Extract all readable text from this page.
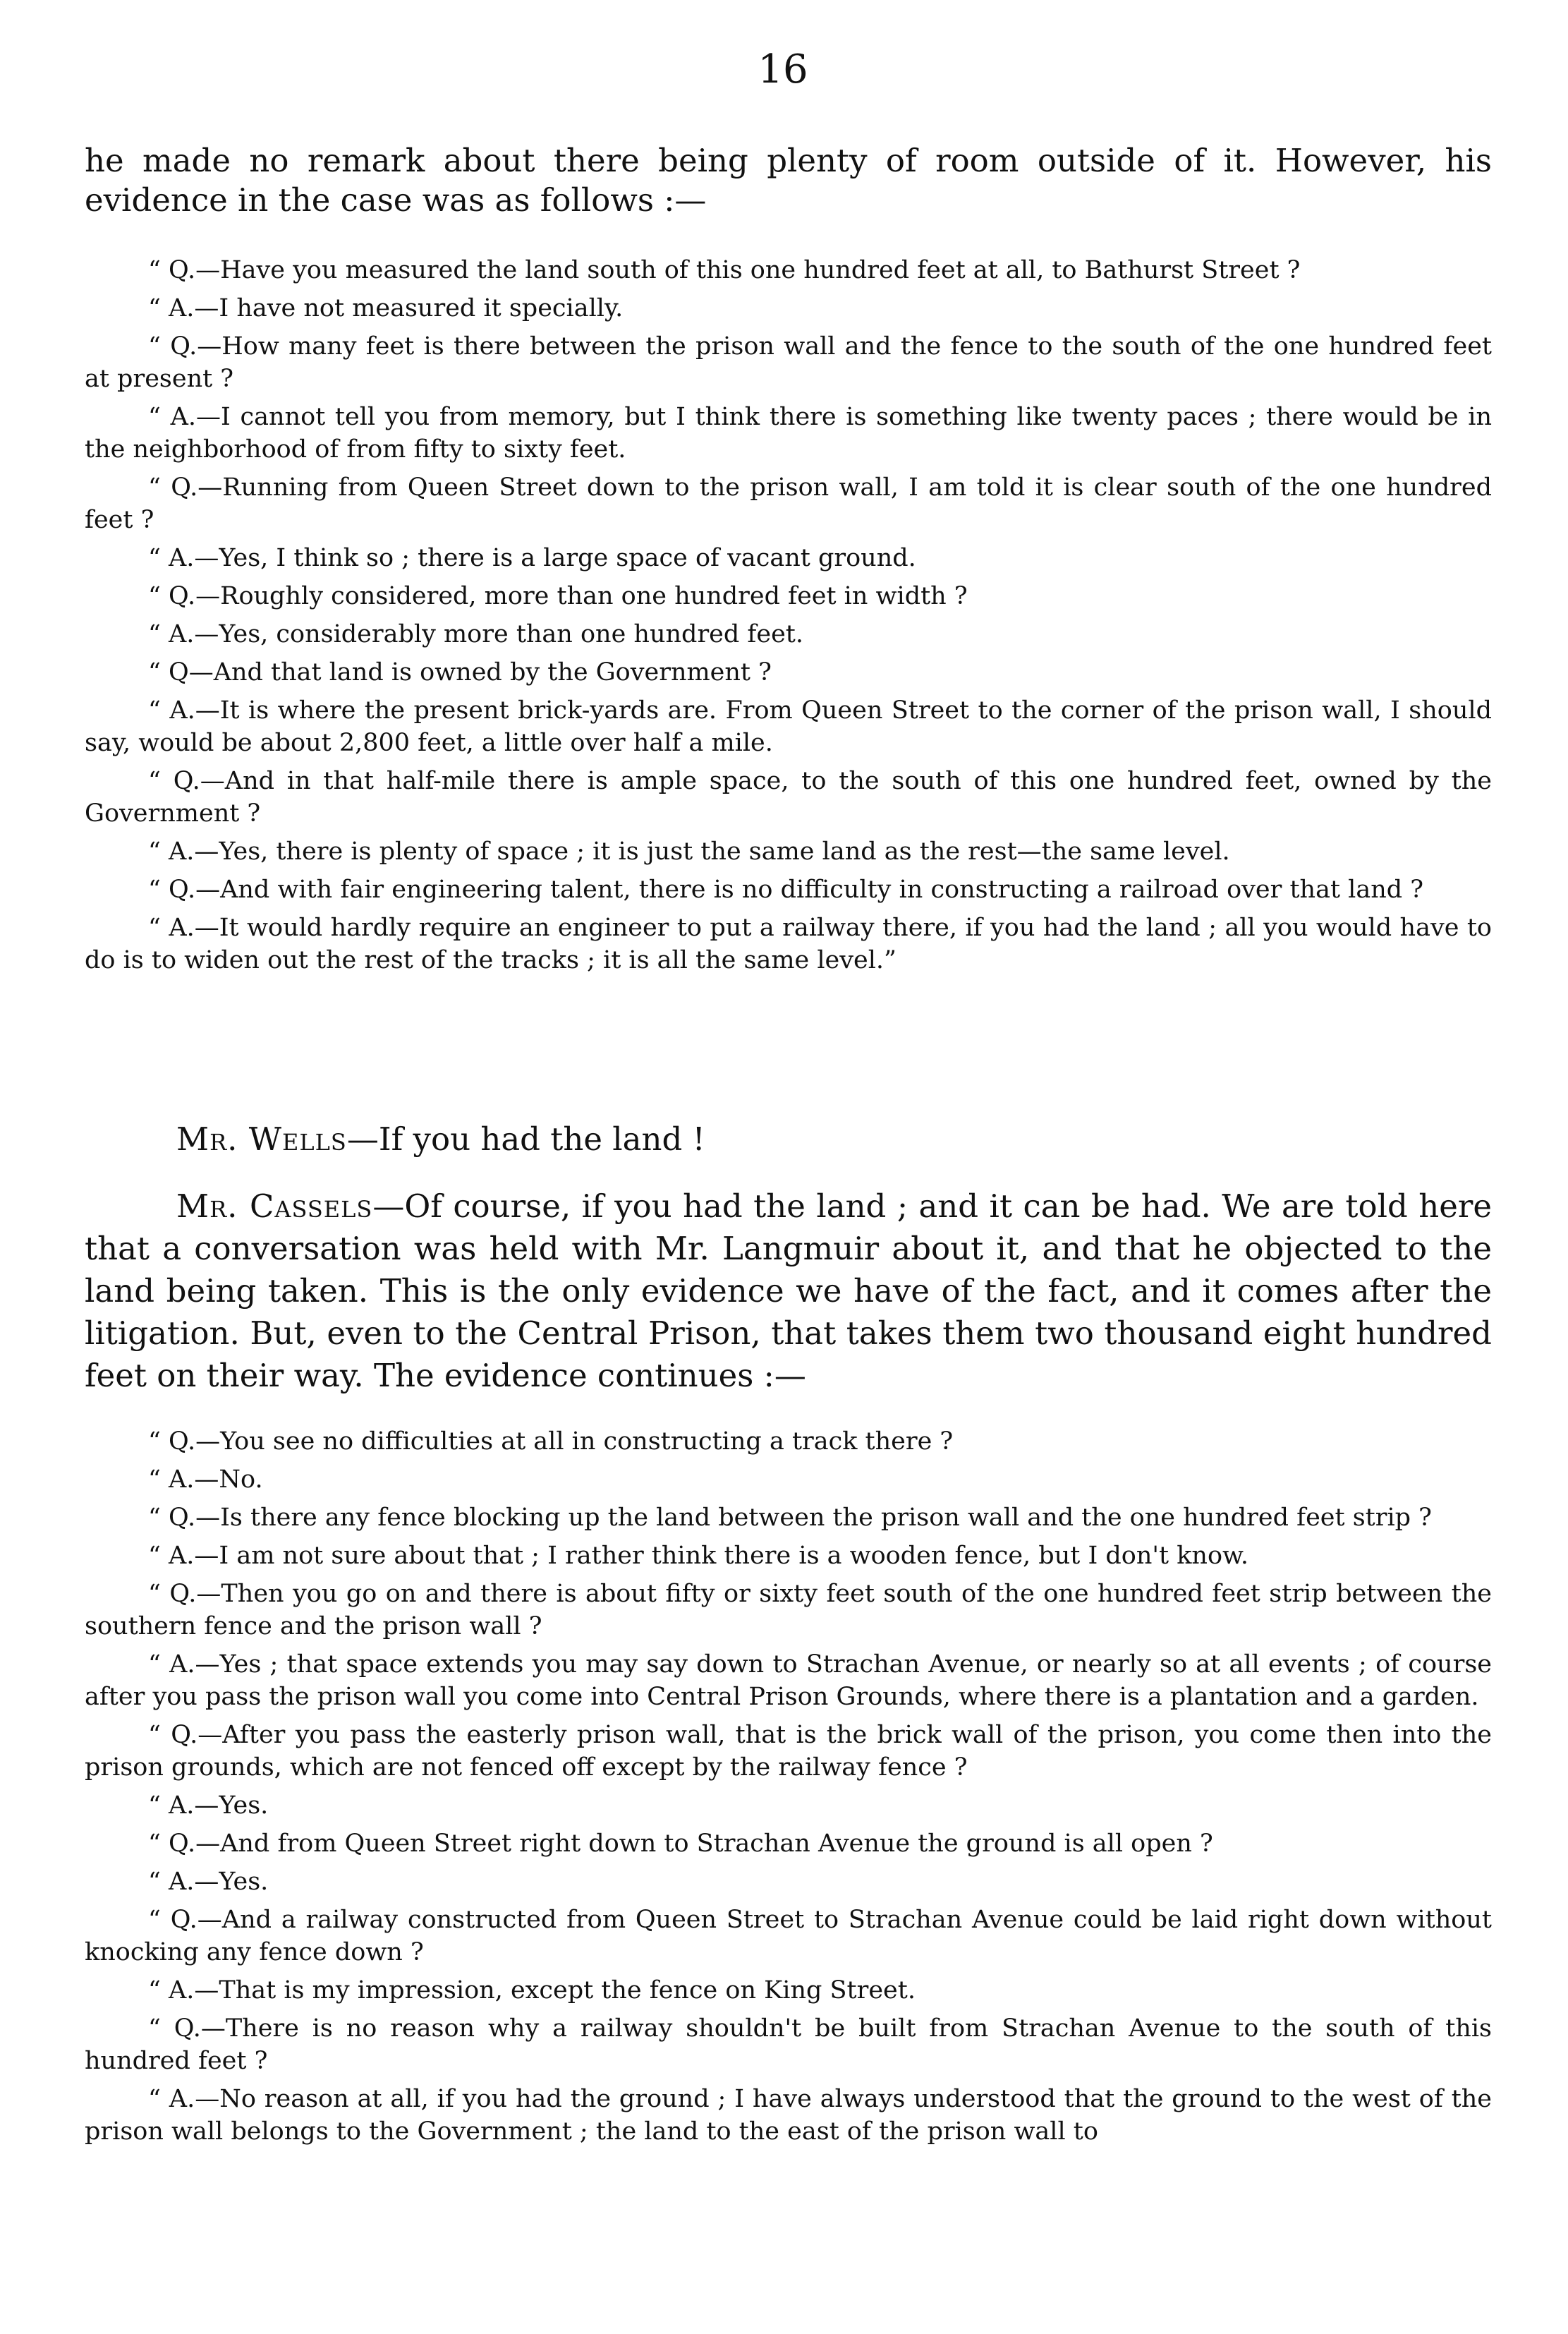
16

he made no remark about there being plenty of room outside of it. However, his evidence in the case was as follows :—

“ Q.—Have you measured the land south of this one hundred feet at all, to Bathurst Street ?

“ A.—I have not measured it specially.

“ Q.—How many feet is there between the prison wall and the fence to the south of the one hundred feet at present ?

“ A.—I cannot tell you from memory, but I think there is something like twenty paces ; there would be in the neighborhood of from fifty to sixty feet.

“ Q.—Running from Queen Street down to the prison wall, I am told it is clear south of the one hundred feet ?

“ A.—Yes, I think so ; there is a large space of vacant ground.

“ Q.—Roughly considered, more than one hundred feet in width ?

“ A.—Yes, considerably more than one hundred feet.

“ Q—And that land is owned by the Government ?

“ A.—It is where the present brick-yards are. From Queen Street to the corner of the prison wall, I should say, would be about 2,800 feet, a little over half a mile.

“ Q.—And in that half-mile there is ample space, to the south of this one hundred feet, owned by the Government ?

“ A.—Yes, there is plenty of space ; it is just the same land as the rest—the same level.

“ Q.—And with fair engineering talent, there is no difficulty in constructing a railroad over that land ?

“ A.—It would hardly require an engineer to put a railway there, if you had the land ; all you would have to do is to widen out the rest of the tracks ; it is all the same level.”

Mr. Wells—If you had the land !

Mr. Cassels—Of course, if you had the land ; and it can be had. We are told here that a conversation was held with Mr. Langmuir about it, and that he objected to the land being taken. This is the only evidence we have of the fact, and it comes after the litigation. But, even to the Central Prison, that takes them two thousand eight hundred feet on their way. The evidence continues :—

“ Q.—You see no difficulties at all in constructing a track there ?

“ A.—No.

“ Q.—Is there any fence blocking up the land between the prison wall and the one hundred feet strip ?

“ A.—I am not sure about that ; I rather think there is a wooden fence, but I don't know.

“ Q.—Then you go on and there is about fifty or sixty feet south of the one hundred feet strip between the southern fence and the prison wall ?

“ A.—Yes ; that space extends you may say down to Strachan Avenue, or nearly so at all events ; of course after you pass the prison wall you come into Central Prison Grounds, where there is a plantation and a garden.

“ Q.—After you pass the easterly prison wall, that is the brick wall of the prison, you come then into the prison grounds, which are not fenced off except by the railway fence ?

“ A.—Yes.

“ Q.—And from Queen Street right down to Strachan Avenue the ground is all open ?

“ A.—Yes.

“ Q.—And a railway constructed from Queen Street to Strachan Avenue could be laid right down without knocking any fence down ?

“ A.—That is my impression, except the fence on King Street.

“ Q.—There is no reason why a railway shouldn't be built from Strachan Avenue to the south of this hundred feet ?

“ A.—No reason at all, if you had the ground ; I have always understood that the ground to the west of the prison wall belongs to the Government ; the land to the east of the prison wall to
